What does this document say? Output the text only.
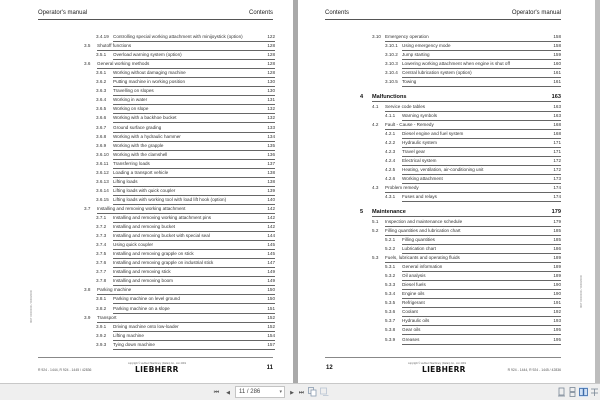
Operator's manual	Contents
3.4.19 Controlling special working attachment with minijoystick (option)	122
3.5 Shutoff functions	128
3.5.1 Overload warning system (option)	128
3.6 General working methods	128
3.6.1 Working without damaging machine	128
3.6.2 Putting machine in working position	130
3.6.3 Travelling on slopes	130
3.6.4 Working in water	131
3.6.5 Working on slope	132
3.6.6 Working with a backhoe bucket	132
3.6.7 Ground surface grading	133
3.6.8 Working with a hydraulic hammer	134
3.6.9 Working with the grapple	135
3.6.10 Working with the clamshell	136
3.6.11 Transferring loads	137
3.6.12 Loading a transport vehicle	138
3.6.13 Lifting loads	138
3.6.14 Lifting loads with quick coupler	139
3.6.15 Lifting loads with working tool with load lift hook (option)	140
3.7 Installing and removing working attachment	142
3.7.1 Installing and removing working attachment pins	142
3.7.2 Installing and removing bucket	142
3.7.3 Installing and removing bucket with special seal	144
3.7.4 Using quick coupler	145
3.7.5 Installing and removing grapple on stick	145
3.7.6 Installing and removing grapple on industrial stick	147
3.7.7 Installing and removing stick	149
3.7.8 Installing and removing boom	149
3.8 Parking machine	150
3.8.1 Parking machine on level ground	150
3.8.2 Parking machine on a slope	151
3.9 Transport	152
3.9.1 Driving machine onto low-loader	152
3.9.2 Lifting machine	154
3.9.3 Tying down machine	157
R 924 - 1444, R 924 - 1445 / 42836
copyright © Liebherr Machinery (Dalian) Co., Ltd. 2019
LIEBHERR	11
MDT 00000000 / 00/00/0000
Contents	Operator's manual
3.10 Emergency operation	158
3.10.1 Using emergency mode	158
3.10.2 Jump starting	159
3.10.3 Lowering working attachment when engine is shut off	160
3.10.4 Central lubrication system (option)	161
3.10.5 Towing	161
4 Malfunctions	163
4.1 Service code tables	163
4.1.1 Warning symbols	163
4.2 Fault - Cause - Remedy	168
4.2.1 Diesel engine and fuel system	168
4.2.2 Hydraulic system	171
4.2.3 Travel gear	171
4.2.4 Electrical system	172
4.2.5 Heating, ventilation, air-conditioning unit	172
4.2.6 Working attachment	173
4.3 Problem remedy	174
4.3.1 Fuses and relays	174
5 Maintenance	179
5.1 Inspection and maintenance schedule	179
5.2 Filling quantities and lubrication chart	185
5.2.1 Filling quantities	185
5.2.2 Lubrication chart	186
5.3 Fuels, lubricants and operating fluids	189
5.3.1 General information	189
5.3.2 Oil analysis	189
5.3.3 Diesel fuels	190
5.3.4 Engine oils	190
5.3.5 Refrigerant	191
5.3.6 Coolant	192
5.3.7 Hydraulic oils	193
5.3.8 Gear oils	195
5.3.9 Greases	195
12
copyright © Liebherr Machinery (Dalian) Co., Ltd. 2019
LIEBHERR	R 924 - 1444, R 924 - 1445 / 42836
MDT 00000000 / 00/00/0000
⏮	◀	11 / 286	▾	▶ ⏭
